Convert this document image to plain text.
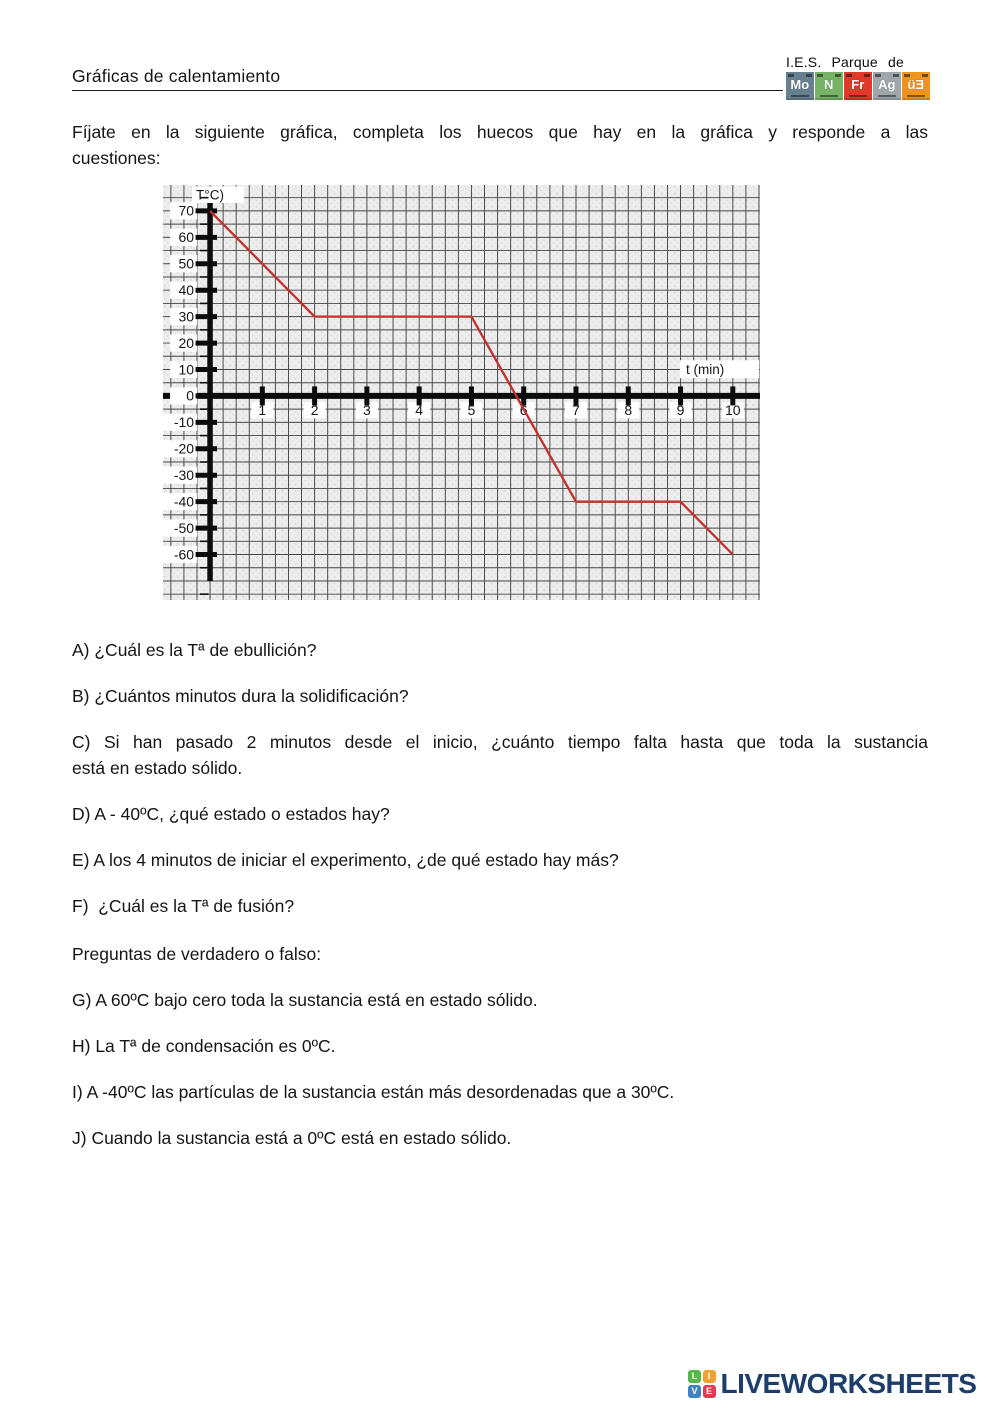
Gráficas de calentamiento
I.E.S. Parque de
Mo	N	Fr	Ag üƎ
Fíjate en la siguiente gráfica, completa los huecos que hay en la gráfica y responde a las
cuestiones:
70
60
50
40
30
20
10
0
-10
-20
-30
-40
-50
-60
1	2	3	4	5	6	7	8	9	10
t (min)
T°C)
A) ¿Cuál es la Tª de ebullición?
B) ¿Cuántos minutos dura la solidificación?
C) Si han pasado 2 minutos desde el inicio, ¿cuánto tiempo falta hasta que toda la sustancia
está en estado sólido.
D) A - 40ºC, ¿qué estado o estados hay?
E) A los 4 minutos de iniciar el experimento, ¿de qué estado hay más?
F)  ¿Cuál es la Tª de fusión?
Preguntas de verdadero o falso:
G) A 60ºC bajo cero toda la sustancia está en estado sólido.
H) La Tª de condensación es 0ºC.
I) A -40ºC las partículas de la sustancia están más desordenadas que a 30ºC.
J) Cuando la sustancia está a 0ºC está en estado sólido.
L	I
V E LIVEWORKSHEETS
